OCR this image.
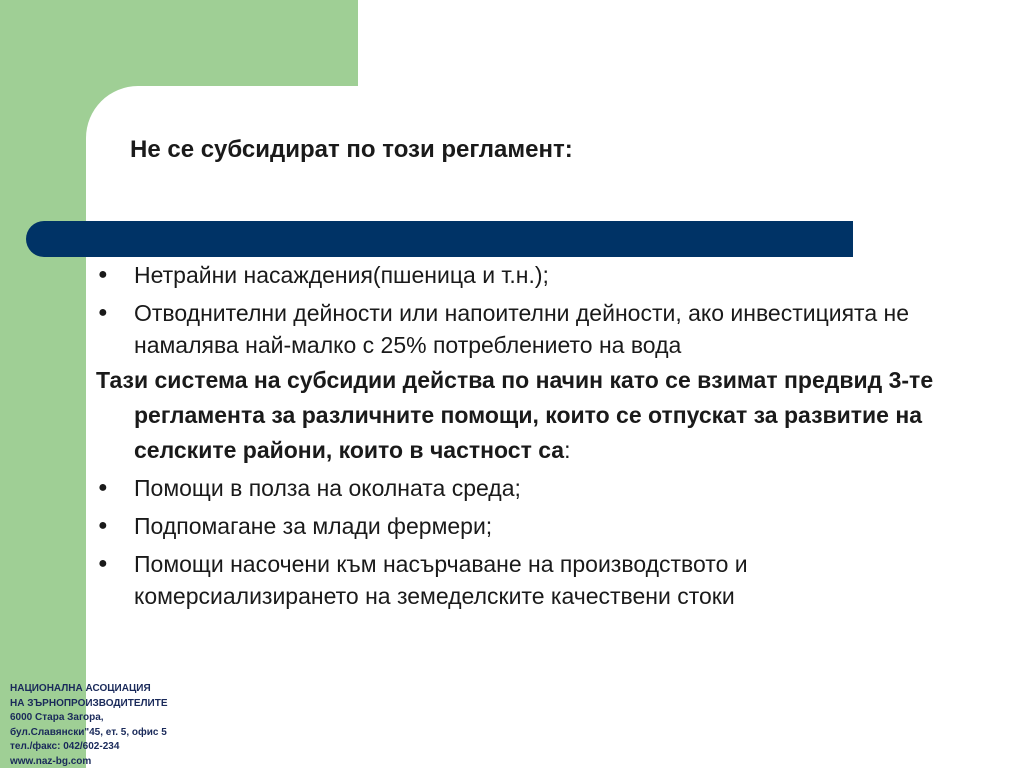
Не се субсидират по този регламент:
● Нетрайни насаждения(пшеница и т.н.);
● Отводнителни дейности или напоителни дейности, ако инвестицията не намалява най-малко с 25% потреблението на вода
Тази система на субсидии действа по начин като се взимат предвид 3-те регламента за различните помощи, които се отпускат за развитие на селските райони, които в частност са:
● Помощи в полза на околната среда;
● Подпомагане за млади фермери;
● Помощи насочени към насърчаване на производството и комерсиализирането на земеделските качествени стоки
НАЦИОНАЛНА АСОЦИАЦИЯ
НА ЗЪРНОПРОИЗВОДИТЕЛИТЕ
6000 Стара Загора,
бул.Славянски"45, ет. 5, офис 5
тел./факс: 042/602-234
www.naz-bg.com
